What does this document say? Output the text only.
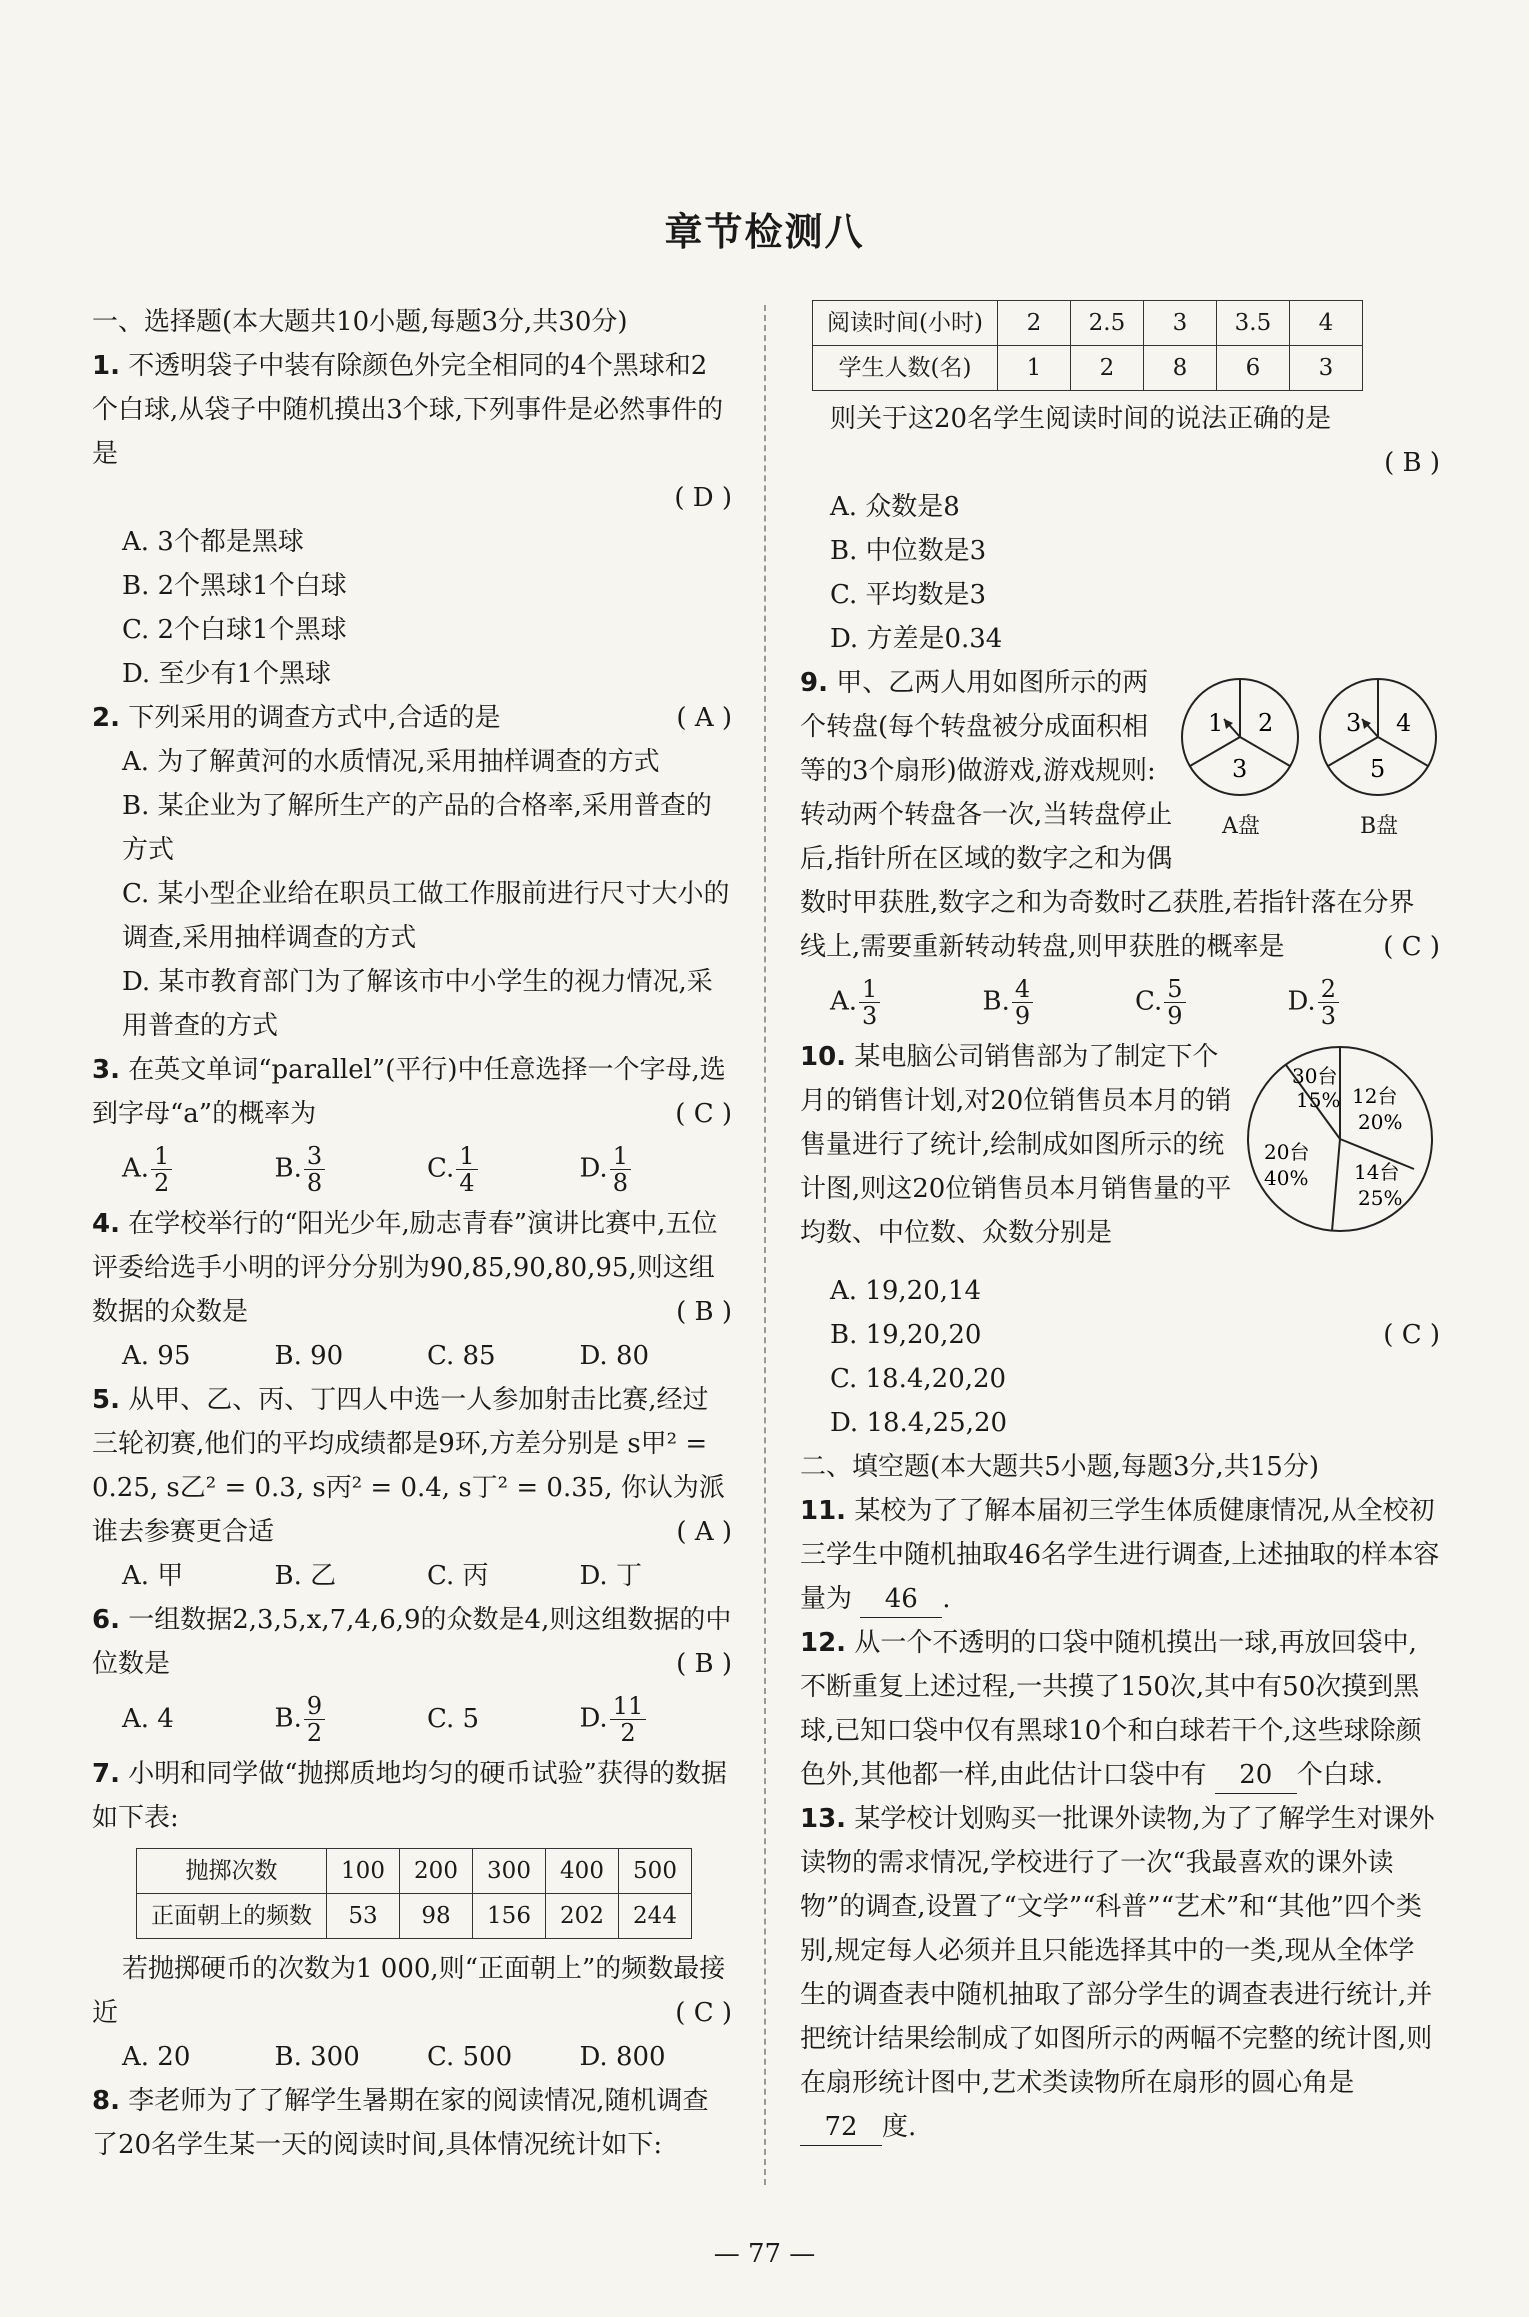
章节检测八
一、选择题(本大题共10小题,每题3分,共30分)
1. 不透明袋子中装有除颜色外完全相同的4个黑球和2个白球,从袋子中随机摸出3个球,下列事件是必然事件的是
( D )
A. 3个都是黑球
B. 2个黑球1个白球
C. 2个白球1个黑球
D. 至少有1个黑球
2. 下列采用的调查方式中,合适的是	( A )
A. 为了解黄河的水质情况,采用抽样调查的方式
B. 某企业为了解所生产的产品的合格率,采用普查的方式
C. 某小型企业给在职员工做工作服前进行尺寸大小的调查,采用抽样调查的方式
D. 某市教育部门为了解该市中小学生的视力情况,采用普查的方式
3. 在英文单词“parallel”(平行)中任意选择一个字母,选到字母“a”的概率为	( C )
A. $\frac{1}{2}$	B. $\frac{3}{8}$	C. $\frac{1}{4}$	D. $\frac{1}{8}$
4. 在学校举行的“阳光少年,励志青春”演讲比赛中,五位评委给选手小明的评分分别为90,85,90,80,95,则这组数据的众数是	( B )
A. 95	B. 90	C. 85	D. 80
5. 从甲、乙、丙、丁四人中选一人参加射击比赛,经过三轮初赛,他们的平均成绩都是9环,方差分别是 s甲² = 0.25, s乙² = 0.3, s丙² = 0.4, s丁² = 0.35, 你认为派谁去参赛更合适	( A )
A. 甲	B. 乙	C. 丙	D. 丁
6. 一组数据2,3,5,x,7,4,6,9的众数是4,则这组数据的中位数是	( B )
A. 4	B. $\frac{9}{2}$	C. 5	D. $\frac{11}{2}$
7. 小明和同学做“抛掷质地均匀的硬币试验”获得的数据如下表:
抛掷次数	100	200	300	400	500
正面朝上的频数	53	98	156	202	244
若抛掷硬币的次数为1 000,则“正面朝上”的频数最接近	( C )
A. 20	B. 300	C. 500	D. 800
8. 李老师为了了解学生暑期在家的阅读情况,随机调查了20名学生某一天的阅读时间,具体情况统计如下:
阅读时间(小时)	2	2.5	3	3.5	4
学生人数(名)	1	2	8	6	3
则关于这20名学生阅读时间的说法正确的是
( B )
A. 众数是8
B. 中位数是3
C. 平均数是3
D. 方差是0.34
1 2
3
3 4
5
A盘	B盘
9. 甲、乙两人用如图所示的两个转盘(每个转盘被分成面积相等的3个扇形)做游戏,游戏规则:转动两个转盘各一次,当转盘停止后,指针所在区域的数字之和为偶数时甲获胜,数字之和为奇数时乙获胜,若指针落在分界线上,需要重新转动转盘,则甲获胜的概率是	( C )
A. $\frac{1}{3}$	B. $\frac{4}{9}$	C. $\frac{5}{9}$	D. $\frac{2}{3}$
30台
15% 12台
20%
14台
25%
20台
40%
10. 某电脑公司销售部为了制定下个月的销售计划,对20位销售员本月的销售量进行了统计,绘制成如图所示的统计图,则这20位销售员本月销售量的平均数、中位数、众数分别是
( C )
A. 19,20,14
B. 19,20,20
C. 18.4,20,20
D. 18.4,25,20
二、填空题(本大题共5小题,每题3分,共15分)
11. 某校为了了解本届初三学生体质健康情况,从全校初三学生中随机抽取46名学生进行调查,上述抽取的样本容量为 46 .
12. 从一个不透明的口袋中随机摸出一球,再放回袋中,不断重复上述过程,一共摸了150次,其中有50次摸到黑球,已知口袋中仅有黑球10个和白球若干个,这些球除颜色外,其他都一样,由此估计口袋中有 20 个白球.
13. 某学校计划购买一批课外读物,为了了解学生对课外读物的需求情况,学校进行了一次“我最喜欢的课外读物”的调查,设置了“文学”“科普”“艺术”和“其他”四个类别,规定每人必须并且只能选择其中的一类,现从全体学生的调查表中随机抽取了部分学生的调查表进行统计,并把统计结果绘制成了如图所示的两幅不完整的统计图,则在扇形统计图中,艺术类读物所在扇形的圆心角是 72 度.
— 77 —
